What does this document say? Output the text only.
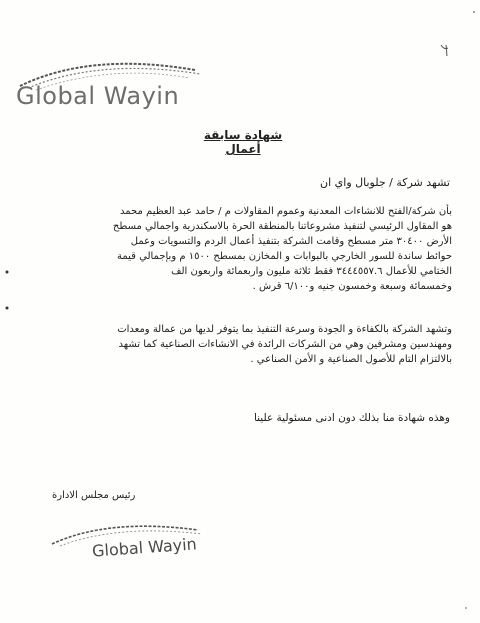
Global Wayin
شهادة سابقة أعمال
تشهد شركة / جلوبال واي ان
بأن شركة/الفتح للانشاءات المعدنية وعموم المقاولات م / حامد عبد العظيم محمد
هو المقاول الرئيسي لتنفيذ مشروعاتنا بالمنطقة الحرة بالاسكندرية واجمالي مسطح
الأرض ٣٠٤٠٠ متر مسطح وقامت الشركة بتنفيذ أعمال الردم والتسويات وعمل
حوائط ساندة للسور الخارجي بالبوابات و المخازن بمسطح ١٥٠٠ م وبإجمالي قيمة
الختامي للأعمال ٣٤٤٤٥٥٧.٦ فقط ثلاثة مليون واربعمائة واربعون الف
وخمسمائة وسبعة وخمسون جنيه و٦/١٠٠ قرش .
وتشهد الشركة بالكفاءة و الجودة وسرعة التنفيذ بما يتوفر لديها من عمالة ومعدات
ومهندسين ومشرفين وهي من الشركات الرائدة في الانشاءات الصناعية كما تشهد
بالالتزام التام للأصول الصناعية و الأمن الصناعي .
وهذه شهادة منا بذلك دون ادنى مسئولية علينا
رئيس مجلس الادارة
Global Wayin
